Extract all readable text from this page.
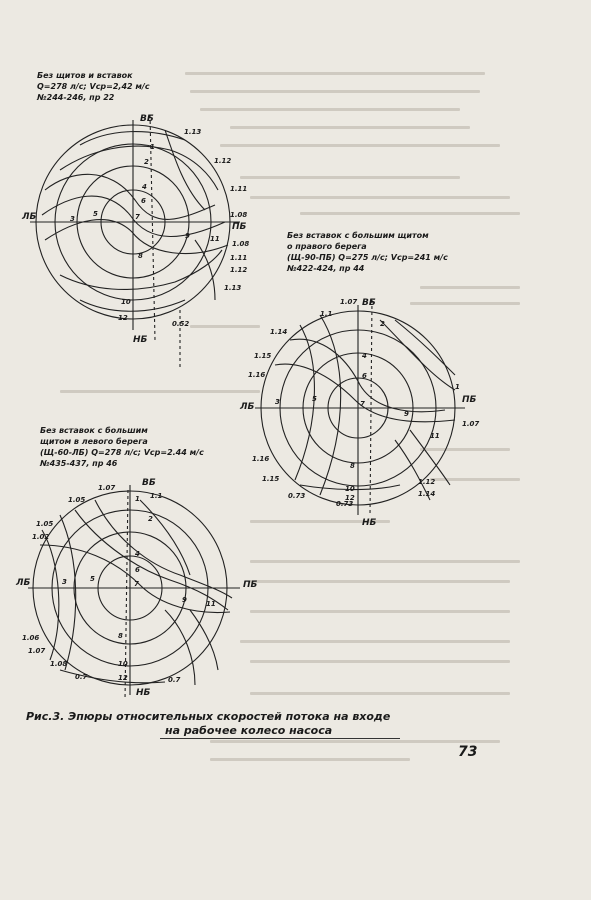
Без щитов и вставок
Q=278 л/с; Vср=2,42 м/с
№244-246, пр 22
ВБ
НБ
ЛБ
ПБ
1.13
1.12
1.11
1.08
1.08
1.11
1.12
1.13
0.52
1
2
3
4
5
6
7
8
9
10
11
12
Без вставок с большим щитом
о правого берега
(Щ-90-ПБ) Q=275 л/с; Vср=241 м/с
№422-424, пр 44
ВБ
НБ
ЛБ
ПБ
1.07
1.1
1.14
1.15
1.16
1.16
1.15
0.73
0.73
1.12
1.14
1.07
1
2
3
4
5
6
7
8
9
10
11
12
Без вставок с большим
щитом в левого берега
(Щ-60-ЛБ) Q=278 л/с; Vср=2.44 м/с
№435-437, пр 46
ВБ
НБ
ЛБ	ПБ
1.07
1.1
1.05
1.05
1.02
1.06
1.07
1.08
0.7	0.7
1
2
3
4
5
6
7
8
9
10
11
12
Рис.3. Эпюры относительных скоростей потока на входе
на рабочее колесо насоса
73
